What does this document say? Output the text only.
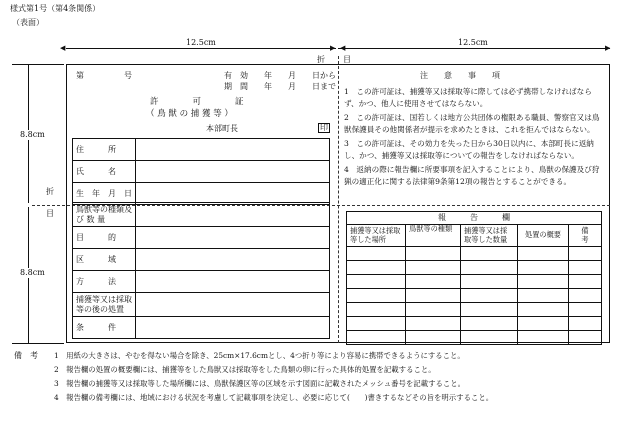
様式第1号（第4条関係）
（表面）
◀	▶ ◀	▶
12.5cm	12.5cm
折 目
8.8cm
8.8cm
折
目
第　　　　　号	有　効　　年　　月　　日から
期　間　　年　　月　　日まで
許　　　　可　　　　証
（ 鳥 獣 の 捕 獲 等 ）
本部町長	印
住　　　所	
氏　　　名	
生　年　月　日	
鳥獣等の種類及 び 数 量	
目　　　的	
区　　　域	
方　　　法	
捕獲等又は採取等の後の処置	
条　　　件	
注　　意　　事　　項
1　この許可証は、捕獲等又は採取等に際しては必ず携帯しなければならず、かつ、他人に使用させてはならない。
2　この許可証は、国若しくは地方公共団体の権限ある職員、警察官又は鳥獣保護員その他関係者が提示を求めたときは、これを拒んではならない。
3　この許可証は、その効力を失った日から30日以内に、本部町長に返納し、かつ、捕獲等又は採取等についての報告をしなければならない。
4　返納の際に報告欄に所要事項を記入することにより、鳥獣の保護及び狩猟の適正化に関する法律第9条第12項の報告とすることができる。
報　　　告　　　欄				
捕獲等又は採取等した場所	鳥獣等の種類	捕獲等又は採取等した数量	処置の概要	備　　考

備　考 1　用紙の大きさは、やむを得ない場合を除き、25cm×17.6cmとし、4つ折り等により容易に携帯できるようにすること。
2　報告欄の処置の概要欄には、捕獲等をした鳥獣又は採取等をした鳥類の卵に行った具体的処置を記載すること。
3　報告欄の捕獲等又は採取等した場所欄には、鳥獣保護区等の区域を示す図面に記載されたメッシュ番号を記載すること。
4　報告欄の備考欄には、地域における状況を考慮して記載事項を決定し、必要に応じて(　　)書きするなどその旨を明示すること。
